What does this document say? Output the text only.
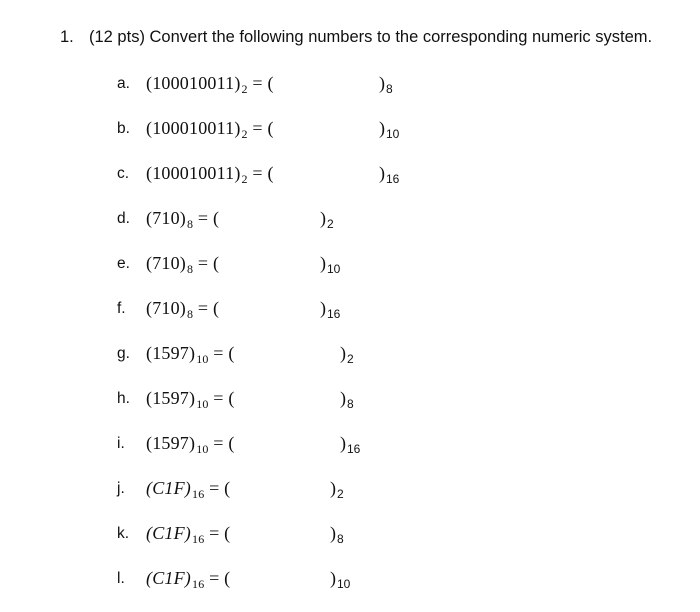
1. (12 pts) Convert the following numbers to the corresponding numeric system.
a. $(100010011)_2$ = (	)$_8$
b. $(100010011)_2$ = (	)$_{10}$
c. $(100010011)_2$ = (	)$_{16}$
d. $(710)_8$ = (	)$_2$
e. $(710)_8$ = (	)$_{10}$
f. $(710)_8$ = (	)$_{16}$
g. $(1597)_{10}$ = (	)$_2$
h. $(1597)_{10}$ = (	)$_8$
i. $(1597)_{10}$ = (	)$_{16}$
j. $(C1F)_{16}$ = (	)$_2$
k. $(C1F)_{16}$ = (	)$_8$
l. $(C1F)_{16}$ = (	)$_{10}$
